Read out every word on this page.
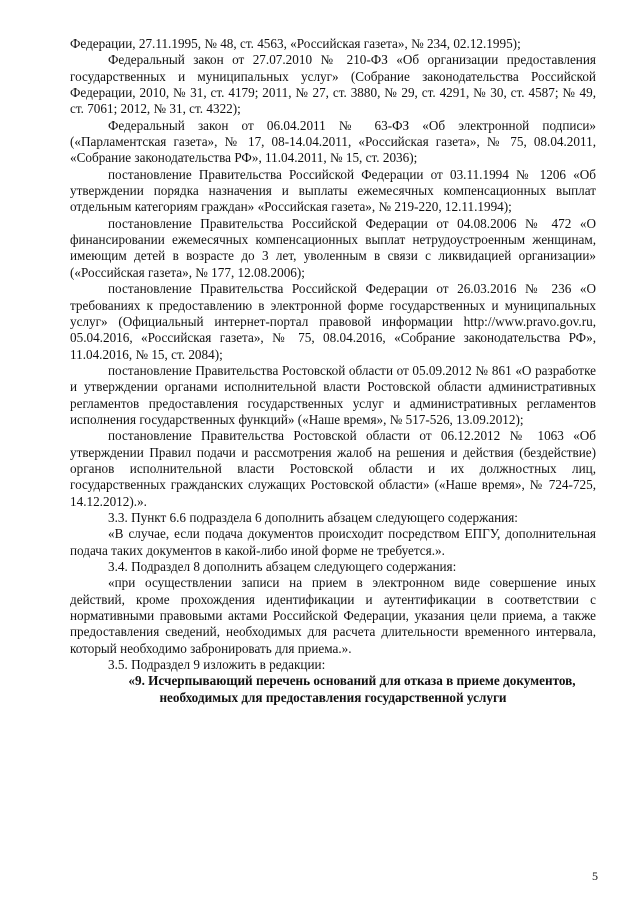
Федерации, 27.11.1995, № 48, ст. 4563, «Российская газета», № 234, 02.12.1995);

Федеральный закон от 27.07.2010 № 210-ФЗ «Об организации предоставления государственных и муниципальных услуг» (Собрание законодательства Российской Федерации, 2010, № 31, ст. 4179; 2011, № 27, ст. 3880, № 29, ст. 4291, № 30, ст. 4587; № 49, ст. 7061; 2012, № 31, ст. 4322);

Федеральный закон от 06.04.2011 № 63-ФЗ «Об электронной подписи» («Парламентская газета», № 17, 08-14.04.2011, «Российская газета», № 75, 08.04.2011, «Собрание законодательства РФ», 11.04.2011, № 15, ст. 2036);

постановление Правительства Российской Федерации от 03.11.1994 № 1206 «Об утверждении порядка назначения и выплаты ежемесячных компенсационных выплат отдельным категориям граждан» «Российская газета», № 219-220, 12.11.1994);

постановление Правительства Российской Федерации от 04.08.2006 № 472 «О финансировании ежемесячных компенсационных выплат нетрудоустроенным женщинам, имеющим детей в возрасте до 3 лет, уволенным в связи с ликвидацией организации» («Российская газета», № 177, 12.08.2006);

постановление Правительства Российской Федерации от 26.03.2016 № 236 «О требованиях к предоставлению в электронной форме государственных и муниципальных услуг» (Официальный интернет-портал правовой информации http://www.pravo.gov.ru, 05.04.2016, «Российская газета», № 75, 08.04.2016, «Собрание законодательства РФ», 11.04.2016, № 15, ст. 2084);

постановление Правительства Ростовской области от 05.09.2012 № 861 «О разработке и утверждении органами исполнительной власти Ростовской области административных регламентов предоставления государственных услуг и административных регламентов исполнения государственных функций» («Наше время», № 517-526, 13.09.2012);

постановление Правительства Ростовской области от 06.12.2012 № 1063 «Об утверждении Правил подачи и рассмотрения жалоб на решения и действия (бездействие) органов исполнительной власти Ростовской области и их должностных лиц, государственных гражданских служащих Ростовской области» («Наше время», № 724-725, 14.12.2012).».

3.3. Пункт 6.6 подраздела 6 дополнить абзацем следующего содержания:

«В случае, если подача документов происходит посредством ЕПГУ, дополнительная подача таких документов в какой-либо иной форме не требуется.».

3.4. Подраздел 8 дополнить абзацем следующего содержания:

«при осуществлении записи на прием в электронном виде совершение иных действий, кроме прохождения идентификации и аутентификации в соответствии с нормативными правовыми актами Российской Федерации, указания цели приема, а также предоставления сведений, необходимых для расчета длительности временного интервала, который необходимо забронировать для приема.».

3.5. Подраздел 9 изложить в редакции:

«9. Исчерпывающий перечень оснований для отказа в приеме документов, необходимых для предоставления государственной услуги

5
